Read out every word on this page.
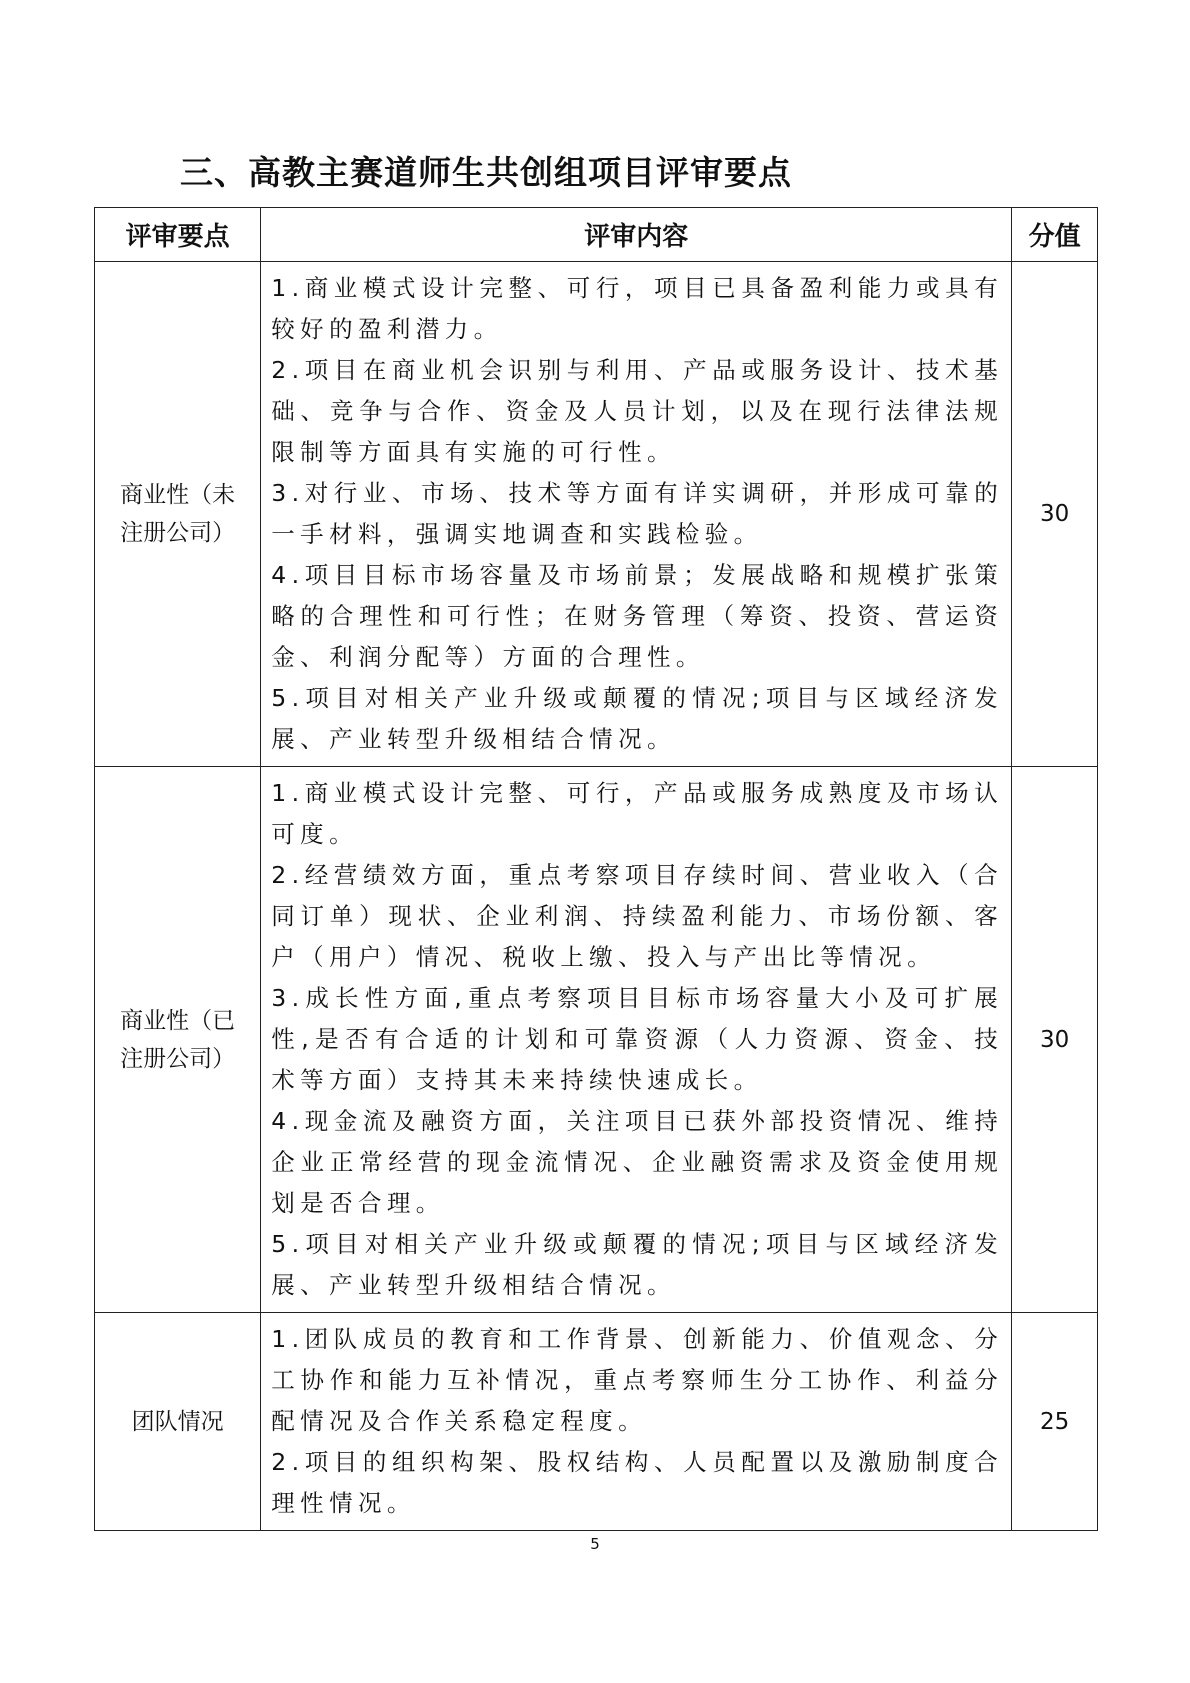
三、高教主赛道师生共创组项目评审要点
评审要点	评审内容	分值
商业性（未注册公司）	1.商业模式设计完整、可行，项目已具备盈利能力或具有较好的盈利潜力。

2.项目在商业机会识别与利用、产品或服务设计、技术基础、竞争与合作、资金及人员计划，以及在现行法律法规限制等方面具有实施的可行性。

3.对行业、市场、技术等方面有详实调研，并形成可靠的一手材料，强调实地调查和实践检验。

4.项目目标市场容量及市场前景；发展战略和规模扩张策略的合理性和可行性；在财务管理（筹资、投资、营运资金、利润分配等）方面的合理性。

5.项目对相关产业升级或颠覆的情况;项目与区域经济发展、产业转型升级相结合情况。	30
商业性（已注册公司）	1.商业模式设计完整、可行，产品或服务成熟度及市场认可度。

2.经营绩效方面，重点考察项目存续时间、营业收入（合同订单）现状、企业利润、持续盈利能力、市场份额、客户（用户）情况、税收上缴、投入与产出比等情况。

3.成长性方面,重点考察项目目标市场容量大小及可扩展性,是否有合适的计划和可靠资源（人力资源、资金、技术等方面）支持其未来持续快速成长。

4.现金流及融资方面，关注项目已获外部投资情况、维持企业正常经营的现金流情况、企业融资需求及资金使用规划是否合理。

5.项目对相关产业升级或颠覆的情况;项目与区域经济发展、产业转型升级相结合情况。	30
团队情况	1.团队成员的教育和工作背景、创新能力、价值观念、分工协作和能力互补情况，重点考察师生分工协作、利益分配情况及合作关系稳定程度。

2.项目的组织构架、股权结构、人员配置以及激励制度合理性情况。	25
5
